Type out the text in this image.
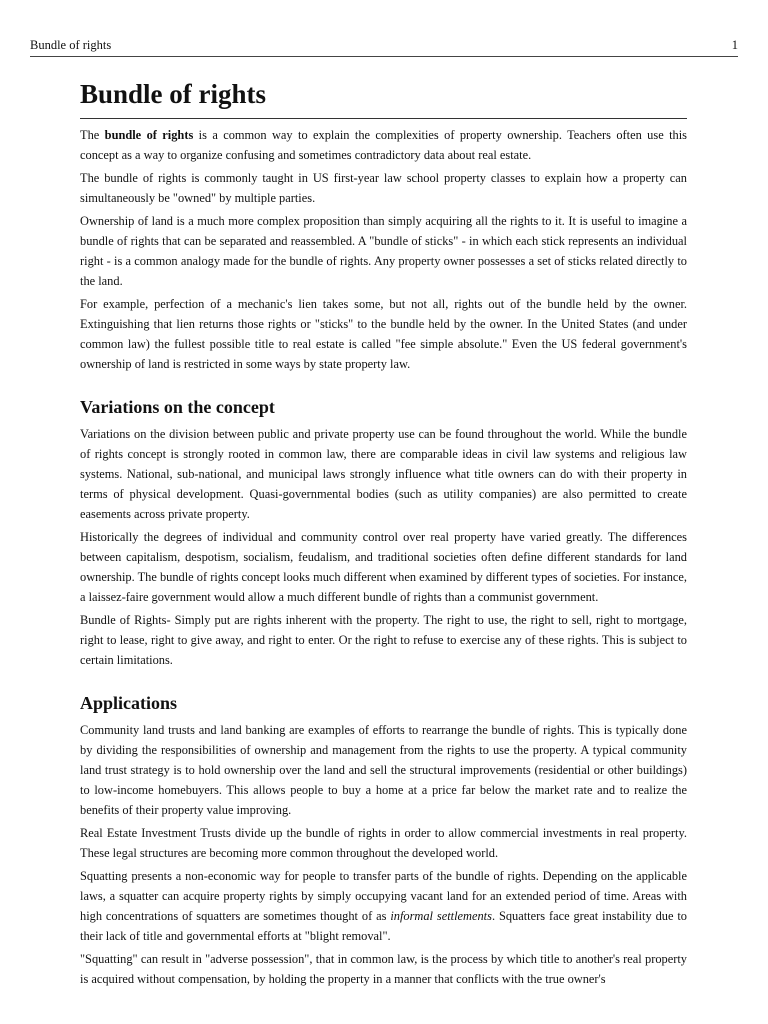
Bundle of rights	1
Bundle of rights

The bundle of rights is a common way to explain the complexities of property ownership. Teachers often use this concept as a way to organize confusing and sometimes contradictory data about real estate.

The bundle of rights is commonly taught in US first-year law school property classes to explain how a property can simultaneously be "owned" by multiple parties.

Ownership of land is a much more complex proposition than simply acquiring all the rights to it. It is useful to imagine a bundle of rights that can be separated and reassembled. A "bundle of sticks" - in which each stick represents an individual right - is a common analogy made for the bundle of rights. Any property owner possesses a set of sticks related directly to the land.

For example, perfection of a mechanic's lien takes some, but not all, rights out of the bundle held by the owner. Extinguishing that lien returns those rights or "sticks" to the bundle held by the owner. In the United States (and under common law) the fullest possible title to real estate is called "fee simple absolute." Even the US federal government's ownership of land is restricted in some ways by state property law.

Variations on the concept

Variations on the division between public and private property use can be found throughout the world. While the bundle of rights concept is strongly rooted in common law, there are comparable ideas in civil law systems and religious law systems. National, sub-national, and municipal laws strongly influence what title owners can do with their property in terms of physical development. Quasi-governmental bodies (such as utility companies) are also permitted to create easements across private property.

Historically the degrees of individual and community control over real property have varied greatly. The differences between capitalism, despotism, socialism, feudalism, and traditional societies often define different standards for land ownership. The bundle of rights concept looks much different when examined by different types of societies. For instance, a laissez-faire government would allow a much different bundle of rights than a communist government.

Bundle of Rights- Simply put are rights inherent with the property. The right to use, the right to sell, right to mortgage, right to lease, right to give away, and right to enter. Or the right to refuse to exercise any of these rights. This is subject to certain limitations.

Applications

Community land trusts and land banking are examples of efforts to rearrange the bundle of rights. This is typically done by dividing the responsibilities of ownership and management from the rights to use the property. A typical community land trust strategy is to hold ownership over the land and sell the structural improvements (residential or other buildings) to low-income homebuyers. This allows people to buy a home at a price far below the market rate and to realize the benefits of their property value improving.

Real Estate Investment Trusts divide up the bundle of rights in order to allow commercial investments in real property. These legal structures are becoming more common throughout the developed world.

Squatting presents a non-economic way for people to transfer parts of the bundle of rights. Depending on the applicable laws, a squatter can acquire property rights by simply occupying vacant land for an extended period of time. Areas with high concentrations of squatters are sometimes thought of as informal settlements. Squatters face great instability due to their lack of title and governmental efforts at "blight removal".

"Squatting" can result in "adverse possession", that in common law, is the process by which title to another's real property is acquired without compensation, by holding the property in a manner that conflicts with the true owner's
